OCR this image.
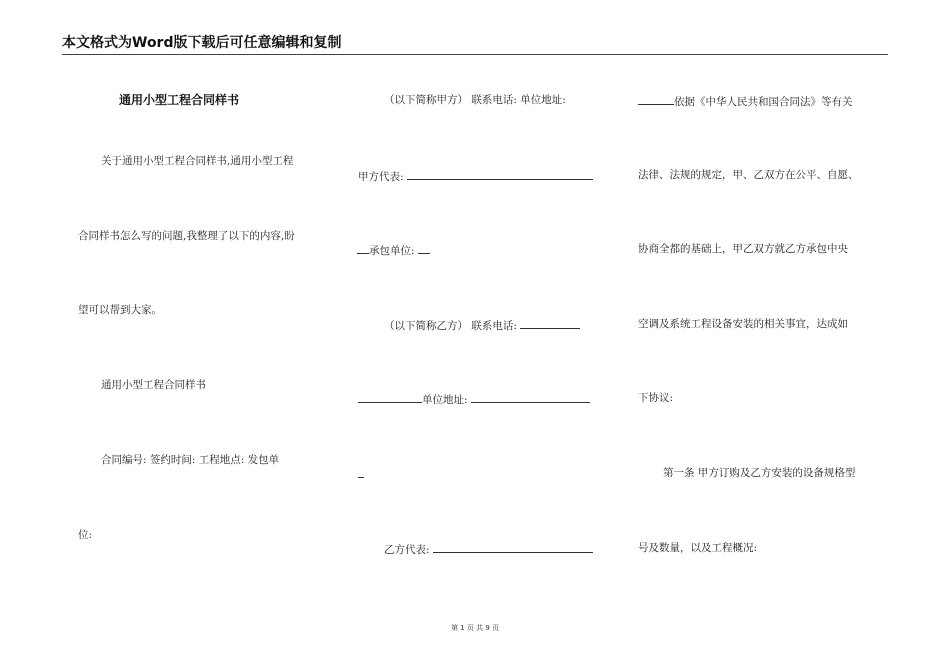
本文格式为Word版下载后可任意编辑和复制
通用小型工程合同样书
关于通用小型工程合同样书,通用小型工程
合同样书怎么写的问题,我整理了以下的内容,盼
望可以帮到大家。
通用小型工程合同样书
合同编号: 签约时间: 工程地点: 发包单
位:
（以下简称甲方） 联系电话: 单位地址:
甲方代表:
承包单位:
（以下简称乙方） 联系电话:
单位地址:
乙方代表:
依据《中华人民共和国合同法》等有关
法律、法规的规定，甲、乙双方在公平、自愿、
协商全都的基础上，甲乙双方就乙方承包中央
空调及系统工程设备安装的相关事宜，达成如
下协议:
第一条 甲方订购及乙方安装的设备规格型
号及数量，以及工程概况:
第 1 页 共 9 页
